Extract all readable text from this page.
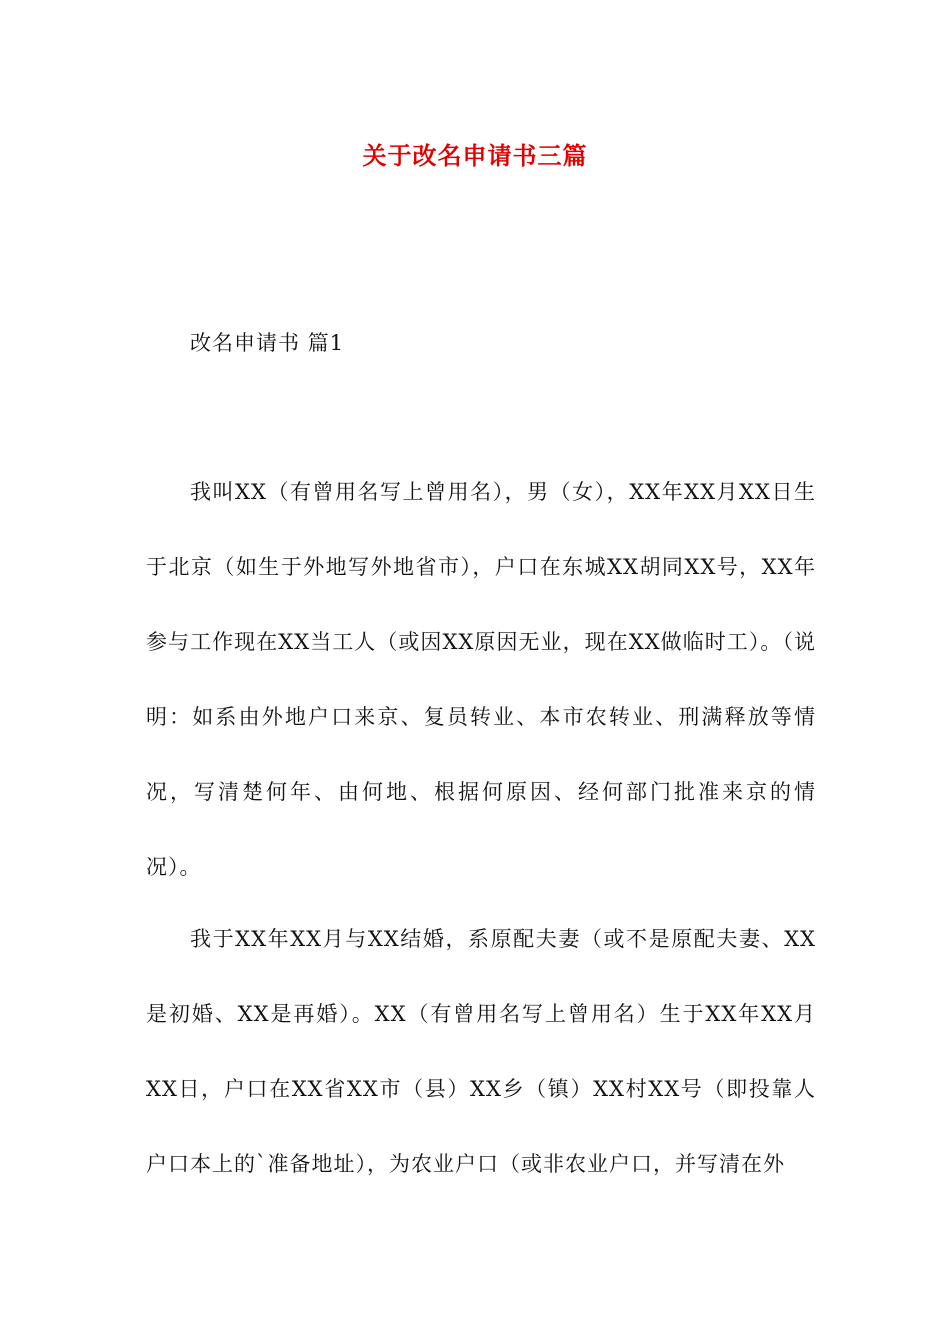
关于改名申请书三篇
改名申请书 篇1

我叫XX（有曾用名写上曾用名），男（女），XX年XX月XX日生于北京（如生于外地写外地省市），户口在东城XX胡同XX号，XX年参与工作现在XX当工人（或因XX原因无业，现在XX做临时工）。（说明：如系由外地户口来京、复员转业、本市农转业、刑满释放等情况，写清楚何年、由何地、根据何原因、经何部门批准来京的情况）。

我于XX年XX月与XX结婚，系原配夫妻（或不是原配夫妻、XX是初婚、XX是再婚）。XX（有曾用名写上曾用名）生于XX年XX月XX日，户口在XX省XX市（县）XX乡（镇）XX村XX号（即投靠人户口本上的`准备地址），为农业户口（或非农业户口，并写清在外
